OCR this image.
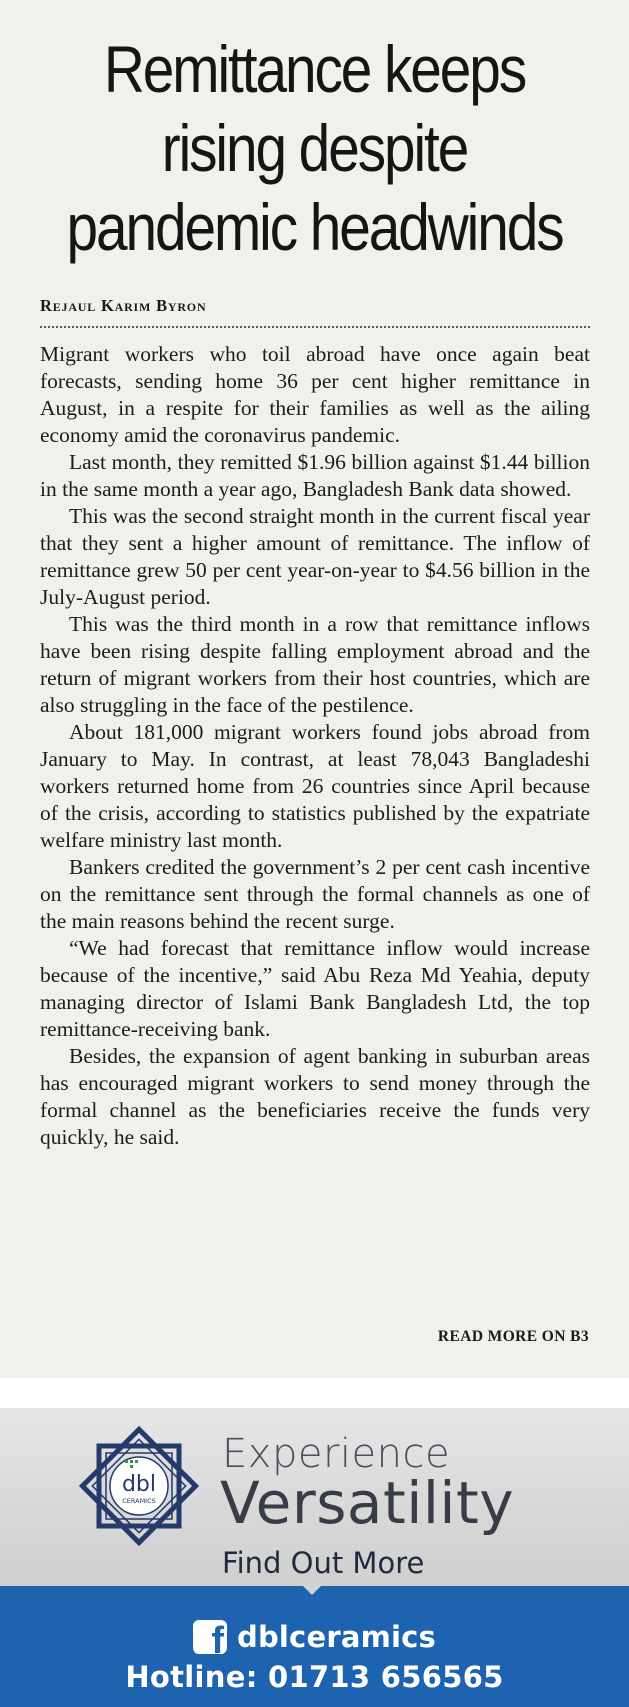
Remittance keeps
rising despite
pandemic headwinds
Rejaul Karim Byron

Migrant workers who toil abroad have once again beat forecasts, sending home 36 per cent higher remittance in August, in a respite for their families as well as the ailing economy amid the coronavirus pandemic.

Last month, they remitted $1.96 billion against $1.44 billion in the same month a year ago, Bangladesh Bank data showed.

This was the second straight month in the current fiscal year that they sent a higher amount of remittance. The inflow of remittance grew 50 per cent year-on-year to $4.56 billion in the July-August period.

This was the third month in a row that remittance inflows have been rising despite falling employment abroad and the return of migrant workers from their host countries, which are also struggling in the face of the pestilence.

About 181,000 migrant workers found jobs abroad from January to May. In contrast, at least 78,043 Bangladeshi workers returned home from 26 countries since April because of the crisis, according to statistics published by the expatriate welfare ministry last month.

Bankers credited the government’s 2 per cent cash incentive on the remittance sent through the formal channels as one of the main reasons behind the recent surge.

“We had forecast that remittance inflow would increase because of the incentive,” said Abu Reza Md Yeahia, deputy managing director of Islami Bank Bangladesh Ltd, the top remittance-receiving bank.

Besides, the expansion of agent banking in suburban areas has encouraged migrant workers to send money through the formal channel as the beneficiaries receive the funds very quickly, he said.

READ MORE ON B3
dbl
CERAMICS
Experience
Versatility
Find Out More
f dblceramics
Hotline: 01713 656565
